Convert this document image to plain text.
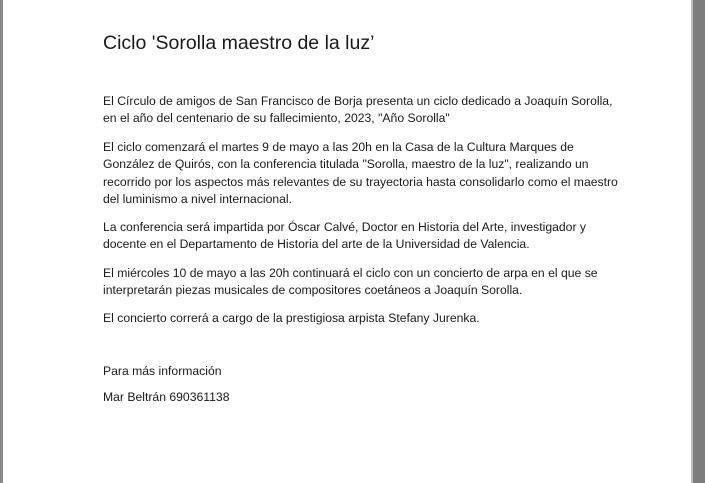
Ciclo 'Sorolla maestro de la luz’

El Círculo de amigos de San Francisco de Borja presenta un ciclo dedicado a Joaquín Sorolla, en el año del centenario de su fallecimiento, 2023, "Año Sorolla"

El ciclo comenzará el martes 9 de mayo a las 20h en la Casa de la Cultura Marques de González de Quirós, con la conferencia titulada "Sorolla, maestro de la luz", realizando un recorrido por los aspectos más relevantes de su trayectoria hasta consolidarlo como el maestro del luminismo a nivel internacional.

La conferencia será impartida por Óscar Calvé, Doctor en Historia del Arte, investigador y docente en el Departamento de Historia del arte de la Universidad de Valencia.

El miércoles 10 de mayo a las 20h continuará el ciclo con un concierto de arpa en el que se interpretarán piezas musicales de compositores coetáneos a Joaquín Sorolla.

El concierto correrá a cargo de la prestigiosa arpista Stefany Jurenka.

Para más información

Mar Beltrán 690361138
